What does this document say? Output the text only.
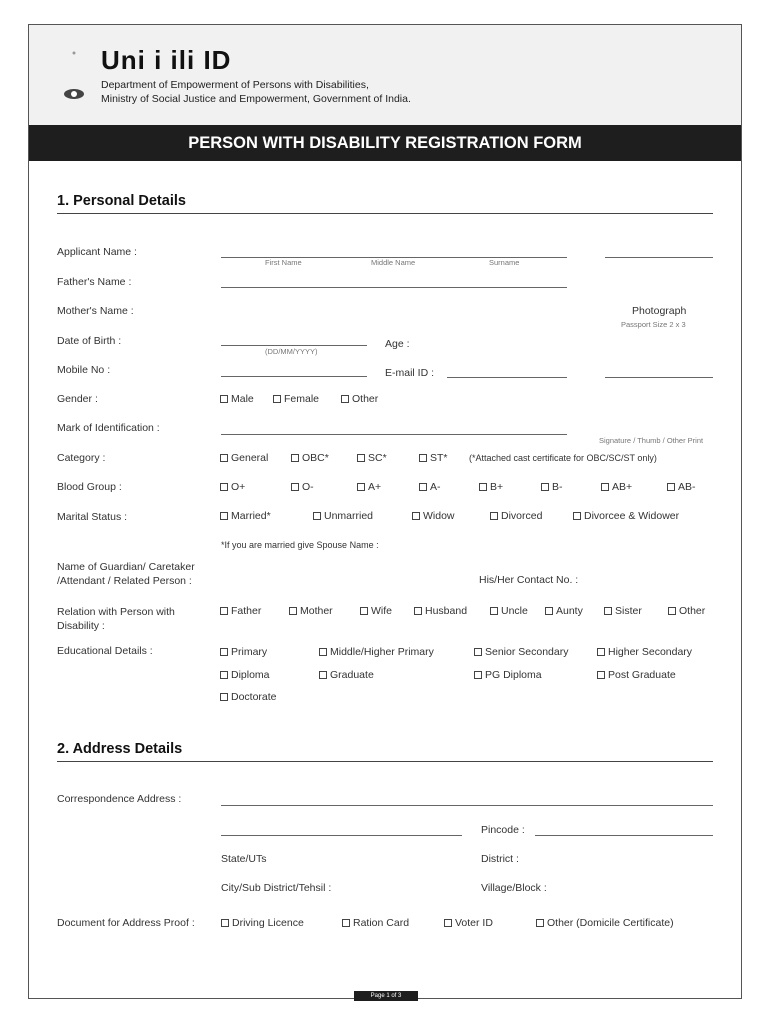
Uni i ili ID
Department of Empowerment of Persons with Disabilities,
Ministry of Social Justice and Empowerment, Government of India.
PERSON WITH DISABILITY REGISTRATION FORM
1. Personal Details
Applicant Name :
First Name	Middle Name	Surname
Father's Name :
Mother's Name :	Photograph
Passport Size 2 x 3
Date of Birth :
(DD/MM/YYYY)
Age :
Mobile No :	E-mail ID :
Gender :	Male	Female	Other
Mark of Identification :
Signature / Thumb / Other Print
Category :	General	OBC*	SC*	ST* (*Attached cast certificate for OBC/SC/ST only)
Blood Group :	O+	O-	A+	A-	B+	B-	AB+	AB-
Marital Status :	Married*	Unmarried	Widow	Divorced	Divorcee & Widower
*If you are married give Spouse Name :
Name of Guardian/ Caretaker
/Attendant / Related Person :	His/Her Contact No. :
Relation with Person with
Disability :
Father	Mother	Wife	Husband	Uncle	Aunty	Sister	Other
Educational Details :	Primary	Middle/Higher Primary	Senior Secondary	Higher Secondary
Diploma	Graduate	PG Diploma	Post Graduate
Doctorate
2. Address Details
Correspondence Address :
Pincode :
State/UTs	District :
City/Sub District/Tehsil :	Village/Block :
Document for Address Proof :	Driving Licence	Ration Card	Voter ID	Other (Domicile Certificate)
Page 1 of 3
